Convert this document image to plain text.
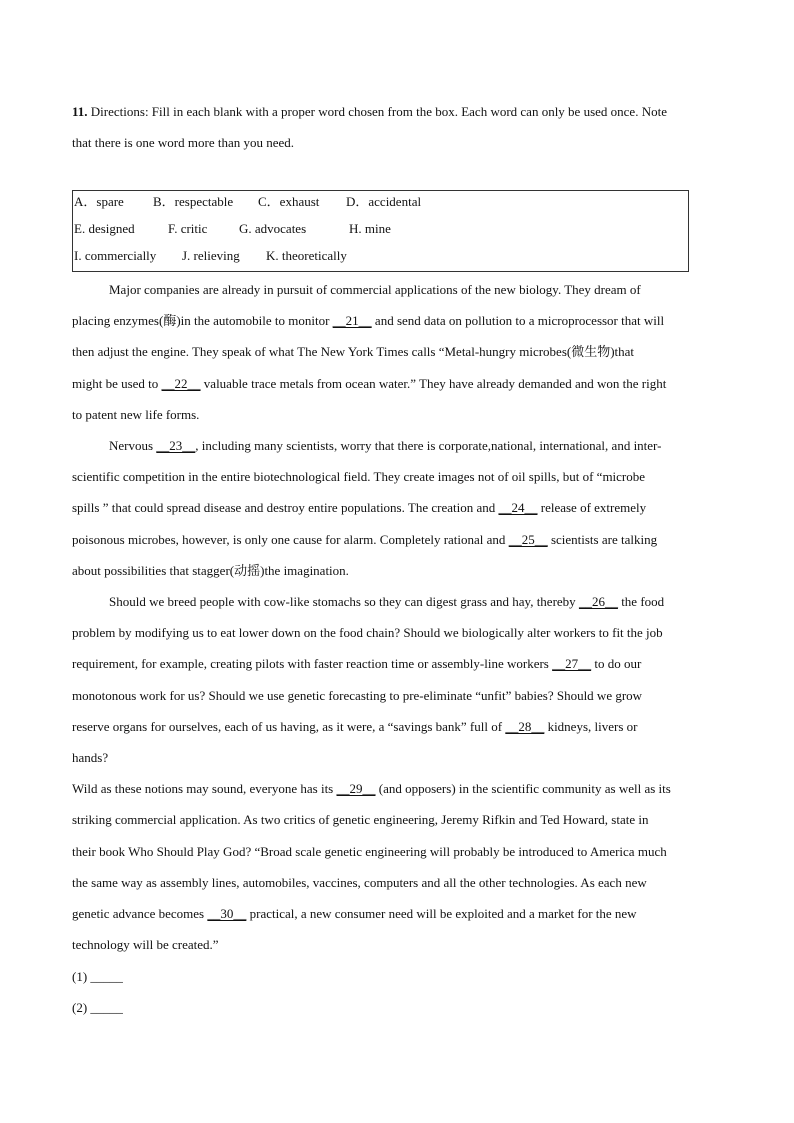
11. Directions: Fill in each blank with a proper word chosen from the box. Each word can only be used once. Note
that there is one word more than you need.
A．spare B．respectable C．exhaust D．accidental
E. designed	F. critic G. advocates	H. mine
I. commercially J. relieving K. theoretically
Major companies are already in pursuit of commercial applications of the new biology. They dream of
placing enzymes(酶)in the automobile to monitor __21__ and send data on pollution to a microprocessor that will
then adjust the engine. They speak of what The New York Times calls “Metal-hungry microbes(微生物)that
might be used to __22__ valuable trace metals from ocean water.” They have already demanded and won the right
to patent new life forms.
Nervous __23__, including many scientists, worry that there is corporate,national, international, and inter-
scientific competition in the entire biotechnological field. They create images not of oil spills, but of “microbe
spills ” that could spread disease and destroy entire populations. The creation and __24__ release of extremely
poisonous microbes, however, is only one cause for alarm. Completely rational and __25__ scientists are talking
about possibilities that stagger(动摇)the imagination.
Should we breed people with cow-like stomachs so they can digest grass and hay, thereby __26__ the food
problem by modifying us to eat lower down on the food chain? Should we biologically alter workers to fit the job
requirement, for example, creating pilots with faster reaction time or assembly-line workers __27__ to do our
monotonous work for us? Should we use genetic forecasting to pre-eliminate “unfit” babies? Should we grow
reserve organs for ourselves, each of us having, as it were, a “savings bank” full of __28__ kidneys, livers or
hands?
Wild as these notions may sound, everyone has its __29__ (and opposers) in the scientific community as well as its
striking commercial application. As two critics of genetic engineering, Jeremy Rifkin and Ted Howard, state in
their book Who Should Play God? “Broad scale genetic engineering will probably be introduced to America much
the same way as assembly lines, automobiles, vaccines, computers and all the other technologies. As each new
genetic advance becomes __30__ practical, a new consumer need will be exploited and a market for the new
technology will be created.”
(1) _____
(2) _____
